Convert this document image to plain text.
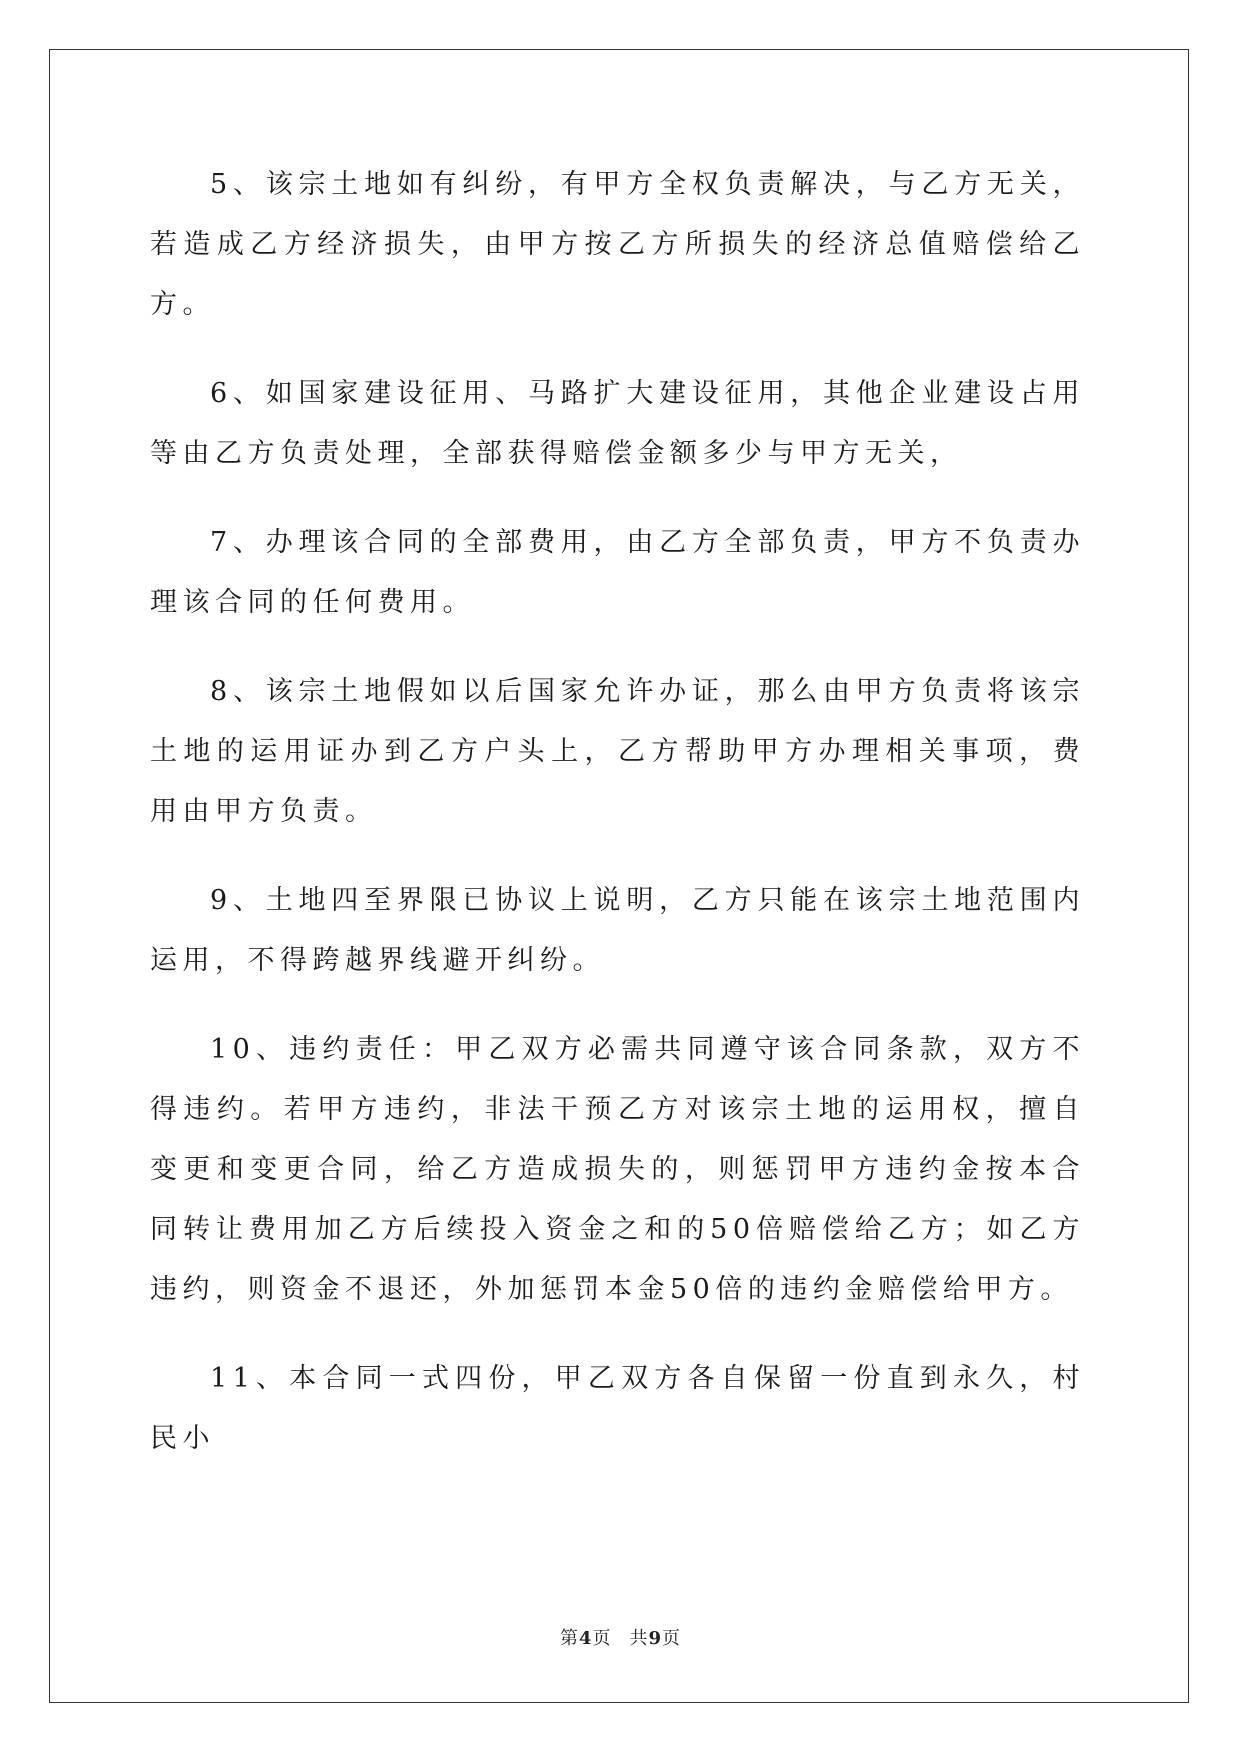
5、该宗土地如有纠纷，有甲方全权负责解决，与乙方无关，若造成乙方经济损失，由甲方按乙方所损失的经济总值赔偿给乙方。

6、如国家建设征用、马路扩大建设征用，其他企业建设占用等由乙方负责处理，全部获得赔偿金额多少与甲方无关，

7、办理该合同的全部费用，由乙方全部负责，甲方不负责办理该合同的任何费用。

8、该宗土地假如以后国家允许办证，那么由甲方负责将该宗土地的运用证办到乙方户头上，乙方帮助甲方办理相关事项，费用由甲方负责。

9、土地四至界限已协议上说明，乙方只能在该宗土地范围内运用，不得跨越界线避开纠纷。

10、违约责任：甲乙双方必需共同遵守该合同条款，双方不得违约。若甲方违约，非法干预乙方对该宗土地的运用权，擅自变更和变更合同，给乙方造成损失的，则惩罚甲方违约金按本合同转让费用加乙方后续投入资金之和的50倍赔偿给乙方；如乙方违约，则资金不退还，外加惩罚本金50倍的违约金赔偿给甲方。

11、本合同一式四份，甲乙双方各自保留一份直到永久，村民小

第4页 共9页
